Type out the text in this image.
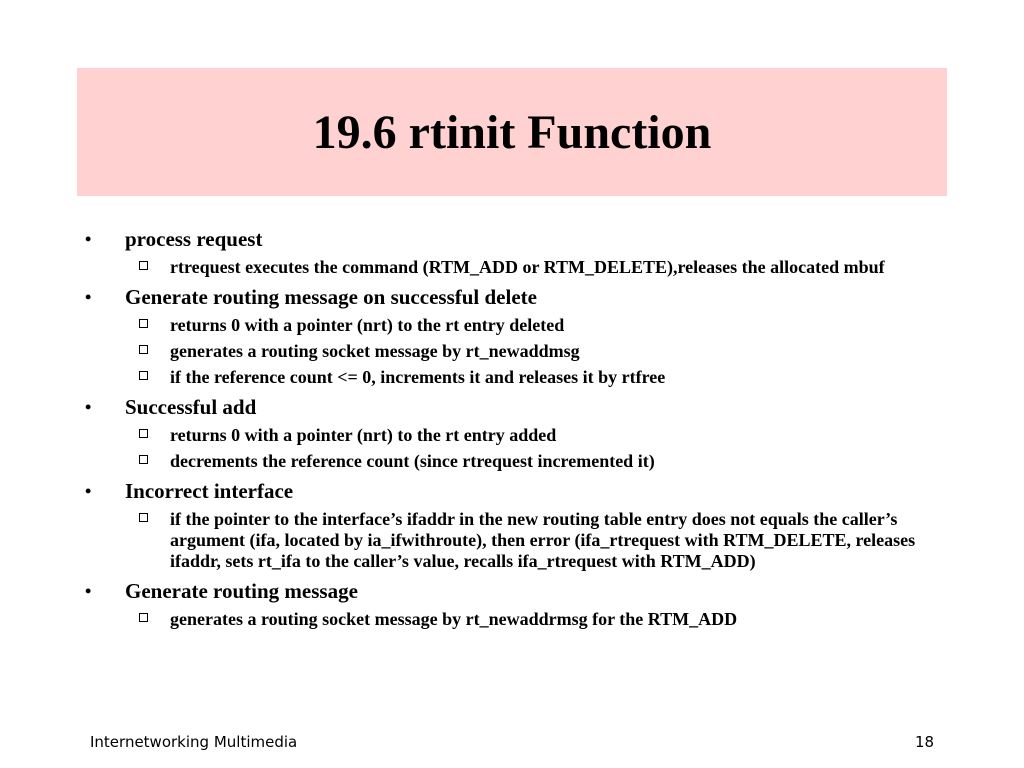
19.6 rtinit Function
• process request
rtrequest executes the command (RTM_ADD or RTM_DELETE),releases the allocated mbuf
• Generate routing message on successful delete
returns 0 with a pointer (nrt) to the rt entry deleted
generates a routing socket message by rt_newaddmsg
if the reference count <= 0, increments it and releases it by rtfree
• Successful add
returns 0 with a pointer (nrt) to the rt entry added
decrements the reference count (since rtrequest incremented it)
• Incorrect interface
if the pointer to the interface’s ifaddr in the new routing table entry does not equals the caller’s argument (ifa, located by ia_ifwithroute), then error (ifa_rtrequest with RTM_DELETE, releases ifaddr, sets rt_ifa to the caller’s value, recalls ifa_rtrequest with RTM_ADD)
• Generate routing message
generates a routing socket message by rt_newaddrmsg for the RTM_ADD
Internetworking Multimedia	18
